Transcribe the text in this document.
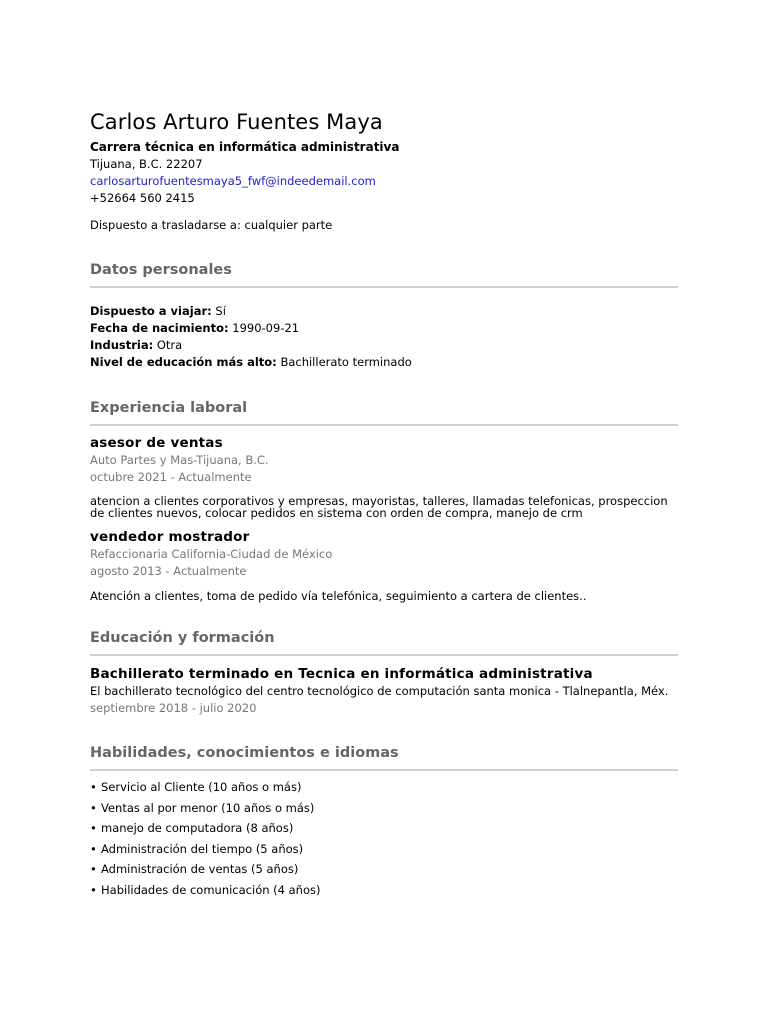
Carlos Arturo Fuentes Maya
Carrera técnica en informática administrativa
Tijuana, B.C. 22207
carlosarturofuentesmaya5_fwf@indeedemail.com
+52664 560 2415
Dispuesto a trasladarse a: cualquier parte
Datos personales
Dispuesto a viajar: Sí
Fecha de nacimiento: 1990-09-21
Industria: Otra
Nivel de educación más alto: Bachillerato terminado
Experiencia laboral
asesor de ventas
Auto Partes y Mas-Tijuana, B.C.
octubre 2021 - Actualmente
atencion a clientes corporativos y empresas, mayoristas, talleres, llamadas telefonicas, prospeccion de clientes nuevos, colocar pedidos en sistema con orden de compra, manejo de crm
vendedor mostrador
Refaccionaria California-Ciudad de México
agosto 2013 - Actualmente
Atención a clientes, toma de pedido vía telefónica, seguimiento a cartera de clientes..
Educación y formación
Bachillerato terminado en Tecnica en informática administrativa
El bachillerato tecnológico del centro tecnológico de computación santa monica - Tlalnepantla, Méx.
septiembre 2018 - julio 2020
Habilidades, conocimientos e idiomas
• Servicio al Cliente (10 años o más)
• Ventas al por menor (10 años o más)
• manejo de computadora (8 años)
• Administración del tiempo (5 años)
• Administración de ventas (5 años)
• Habilidades de comunicación (4 años)
